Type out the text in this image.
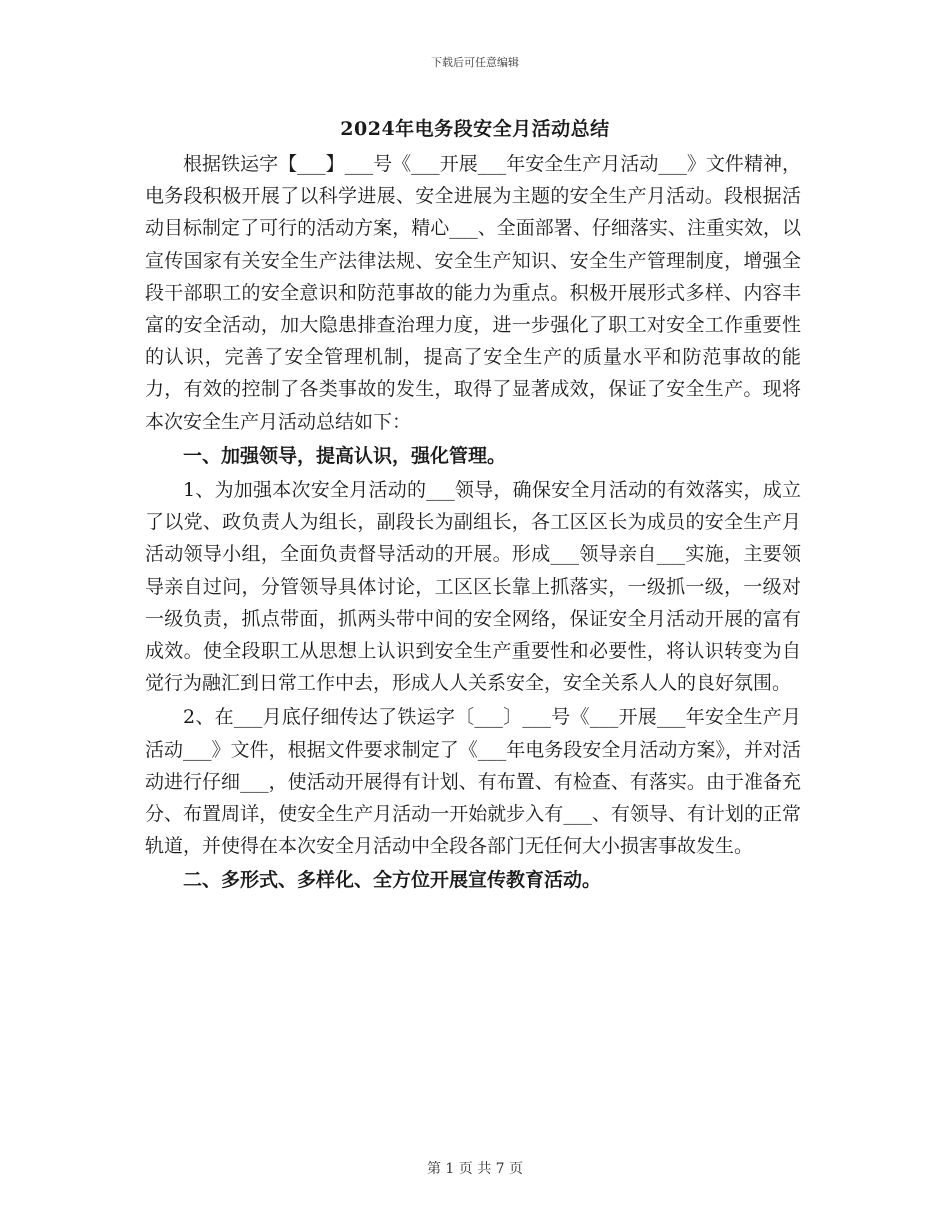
下载后可任意编辑
2024年电务段安全月活动总结

根据铁运字【___】___号《___开展___年安全生产月活动___》文件精神，电务段积极开展了以科学进展、安全进展为主题的安全生产月活动。段根据活动目标制定了可行的活动方案，精心___、全面部署、仔细落实、注重实效，以宣传国家有关安全生产法律法规、安全生产知识、安全生产管理制度，增强全段干部职工的安全意识和防范事故的能力为重点。积极开展形式多样、内容丰富的安全活动，加大隐患排查治理力度，进一步强化了职工对安全工作重要性的认识，完善了安全管理机制，提高了安全生产的质量水平和防范事故的能力，有效的控制了各类事故的发生，取得了显著成效，保证了安全生产。现将本次安全生产月活动总结如下：

一、加强领导，提高认识，强化管理。

1、为加强本次安全月活动的___领导，确保安全月活动的有效落实，成立了以党、政负责人为组长，副段长为副组长，各工区区长为成员的安全生产月活动领导小组，全面负责督导活动的开展。形成___领导亲自___实施，主要领导亲自过问，分管领导具体讨论，工区区长靠上抓落实，一级抓一级，一级对一级负责，抓点带面，抓两头带中间的安全网络，保证安全月活动开展的富有成效。使全段职工从思想上认识到安全生产重要性和必要性，将认识转变为自觉行为融汇到日常工作中去，形成人人关系安全，安全关系人人的良好氛围。

2、在___月底仔细传达了铁运字〔___〕___号《___开展___年安全生产月活动___》文件，根据文件要求制定了《___年电务段安全月活动方案》，并对活动进行仔细___，使活动开展得有计划、有布置、有检查、有落实。由于准备充分、布置周详，使安全生产月活动一开始就步入有___、有领导、有计划的正常轨道，并使得在本次安全月活动中全段各部门无任何大小损害事故发生。

二、多形式、多样化、全方位开展宣传教育活动。

第 1 页 共 7 页
